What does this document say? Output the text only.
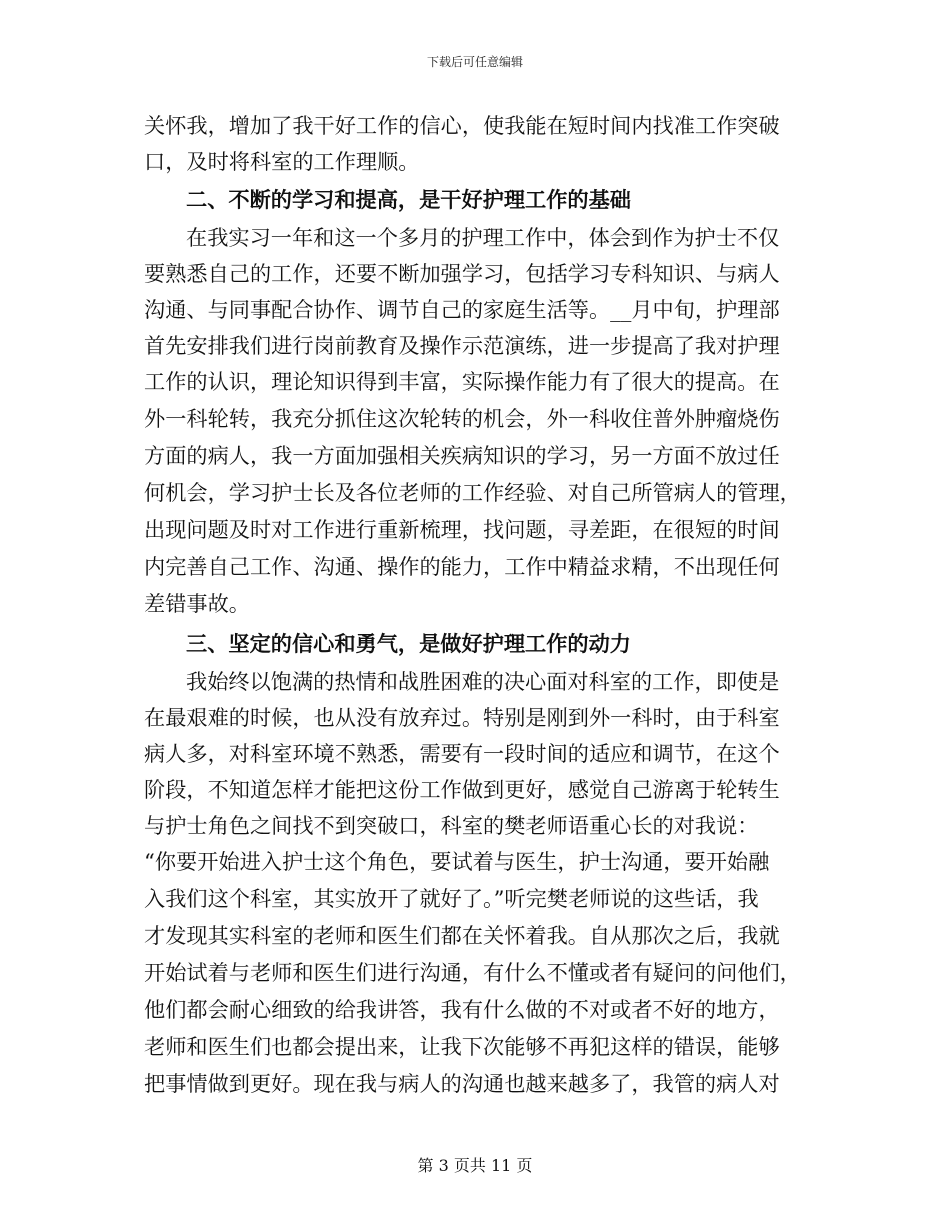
下载后可任意编辑
关怀我，增加了我干好工作的信心，使我能在短时间内找准工作突破
口，及时将科室的工作理顺。
二、不断的学习和提高，是干好护理工作的基础
在我实习一年和这一个多月的护理工作中，体会到作为护士不仅
要熟悉自己的工作，还要不断加强学习，包括学习专科知识、与病人
沟通、与同事配合协作、调节自己的家庭生活等。__月中旬，护理部
首先安排我们进行岗前教育及操作示范演练，进一步提高了我对护理
工作的认识，理论知识得到丰富，实际操作能力有了很大的提高。在
外一科轮转，我充分抓住这次轮转的机会，外一科收住普外肿瘤烧伤
方面的病人，我一方面加强相关疾病知识的学习，另一方面不放过任
何机会，学习护士长及各位老师的工作经验、对自己所管病人的管理，
出现问题及时对工作进行重新梳理，找问题，寻差距，在很短的时间
内完善自己工作、沟通、操作的能力，工作中精益求精，不出现任何
差错事故。
三、坚定的信心和勇气，是做好护理工作的动力
我始终以饱满的热情和战胜困难的决心面对科室的工作，即使是
在最艰难的时候，也从没有放弃过。特别是刚到外一科时，由于科室
病人多，对科室环境不熟悉，需要有一段时间的适应和调节，在这个
阶段，不知道怎样才能把这份工作做到更好，感觉自己游离于轮转生
与护士角色之间找不到突破口，科室的樊老师语重心长的对我说：
“你要开始进入护士这个角色，要试着与医生，护士沟通，要开始融
入我们这个科室，其实放开了就好了。”听完樊老师说的这些话，我
才发现其实科室的老师和医生们都在关怀着我。自从那次之后，我就
开始试着与老师和医生们进行沟通，有什么不懂或者有疑问的问他们，
他们都会耐心细致的给我讲答，我有什么做的不对或者不好的地方，
老师和医生们也都会提出来，让我下次能够不再犯这样的错误，能够
把事情做到更好。现在我与病人的沟通也越来越多了，我管的病人对
第 3 页共 11 页
